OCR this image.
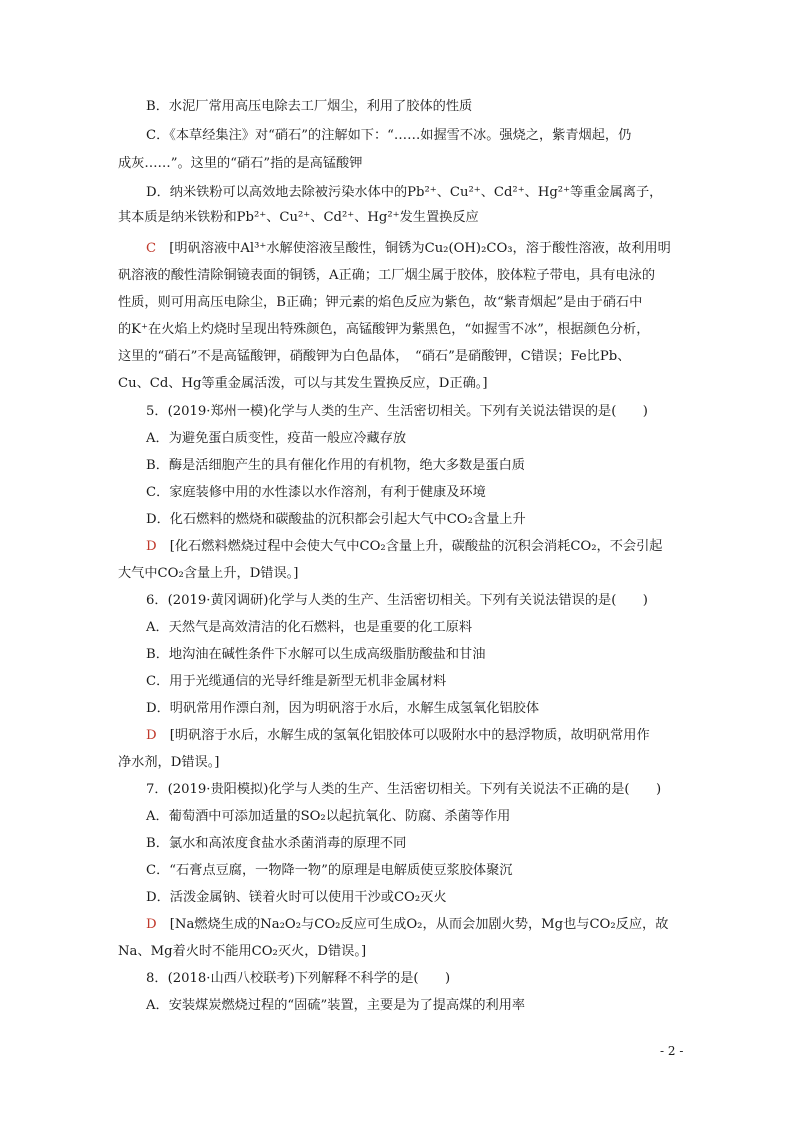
B．水泥厂常用高压电除去工厂烟尘，利用了胶体的性质
C．《本草经集注》对“硝石”的注解如下：“……如握雪不冰。强烧之，紫青烟起，仍
成灰……”。这里的“硝石”指的是高锰酸钾
D．纳米铁粉可以高效地去除被污染水体中的Pb²⁺、Cu²⁺、Cd²⁺、Hg²⁺等重金属离子，
其本质是纳米铁粉和Pb²⁺、Cu²⁺、Cd²⁺、Hg²⁺发生置换反应
C　 [明矾溶液中Al³⁺水解使溶液呈酸性，铜锈为Cu₂(OH)₂CO₃，溶于酸性溶液，故利用明
矾溶液的酸性清除铜镜表面的铜锈，A正确；工厂烟尘属于胶体，胶体粒子带电，具有电泳的
性质，则可用高压电除尘，B正确；钾元素的焰色反应为紫色，故“紫青烟起”是由于硝石中
的K⁺在火焰上灼烧时呈现出特殊颜色，高锰酸钾为紫黑色，“如握雪不冰”，根据颜色分析，
这里的“硝石”不是高锰酸钾，硝酸钾为白色晶体，　“硝石”是硝酸钾，C错误；Fe比Pb、
Cu、Cd、Hg等重金属活泼，可以与其发生置换反应，D正确。]
5．(2019·郑州一模)化学与人类的生产、生活密切相关。下列有关说法错误的是(　　)
A．为避免蛋白质变性，疫苗一般应冷藏存放
B．酶是活细胞产生的具有催化作用的有机物，绝大多数是蛋白质
C．家庭装修中用的水性漆以水作溶剂，有利于健康及环境
D．化石燃料的燃烧和碳酸盐的沉积都会引起大气中CO₂含量上升
D　 [化石燃料燃烧过程中会使大气中CO₂含量上升，碳酸盐的沉积会消耗CO₂，不会引起
大气中CO₂含量上升，D错误。]
6．(2019·黄冈调研)化学与人类的生产、生活密切相关。下列有关说法错误的是(　　)
A．天然气是高效清洁的化石燃料，也是重要的化工原料
B．地沟油在碱性条件下水解可以生成高级脂肪酸盐和甘油
C．用于光缆通信的光导纤维是新型无机非金属材料
D．明矾常用作漂白剂，因为明矾溶于水后，水解生成氢氧化铝胶体
D　 [明矾溶于水后，水解生成的氢氧化铝胶体可以吸附水中的悬浮物质，故明矾常用作
净水剂，D错误。]
7．(2019·贵阳模拟)化学与人类的生产、生活密切相关。下列有关说法不正确的是(　　)
A．葡萄酒中可添加适量的SO₂以起抗氧化、防腐、杀菌等作用
B．氯水和高浓度食盐水杀菌消毒的原理不同
C．“石膏点豆腐，一物降一物”的原理是电解质使豆浆胶体聚沉
D．活泼金属钠、镁着火时可以使用干沙或CO₂灭火
D　 [Na燃烧生成的Na₂O₂与CO₂反应可生成O₂，从而会加剧火势，Mg也与CO₂反应，故
Na、Mg着火时不能用CO₂灭火，D错误。]
8．(2018·山西八校联考)下列解释不科学的是(　　)
A．安装煤炭燃烧过程的“固硫”装置，主要是为了提高煤的利用率
- 2 -
